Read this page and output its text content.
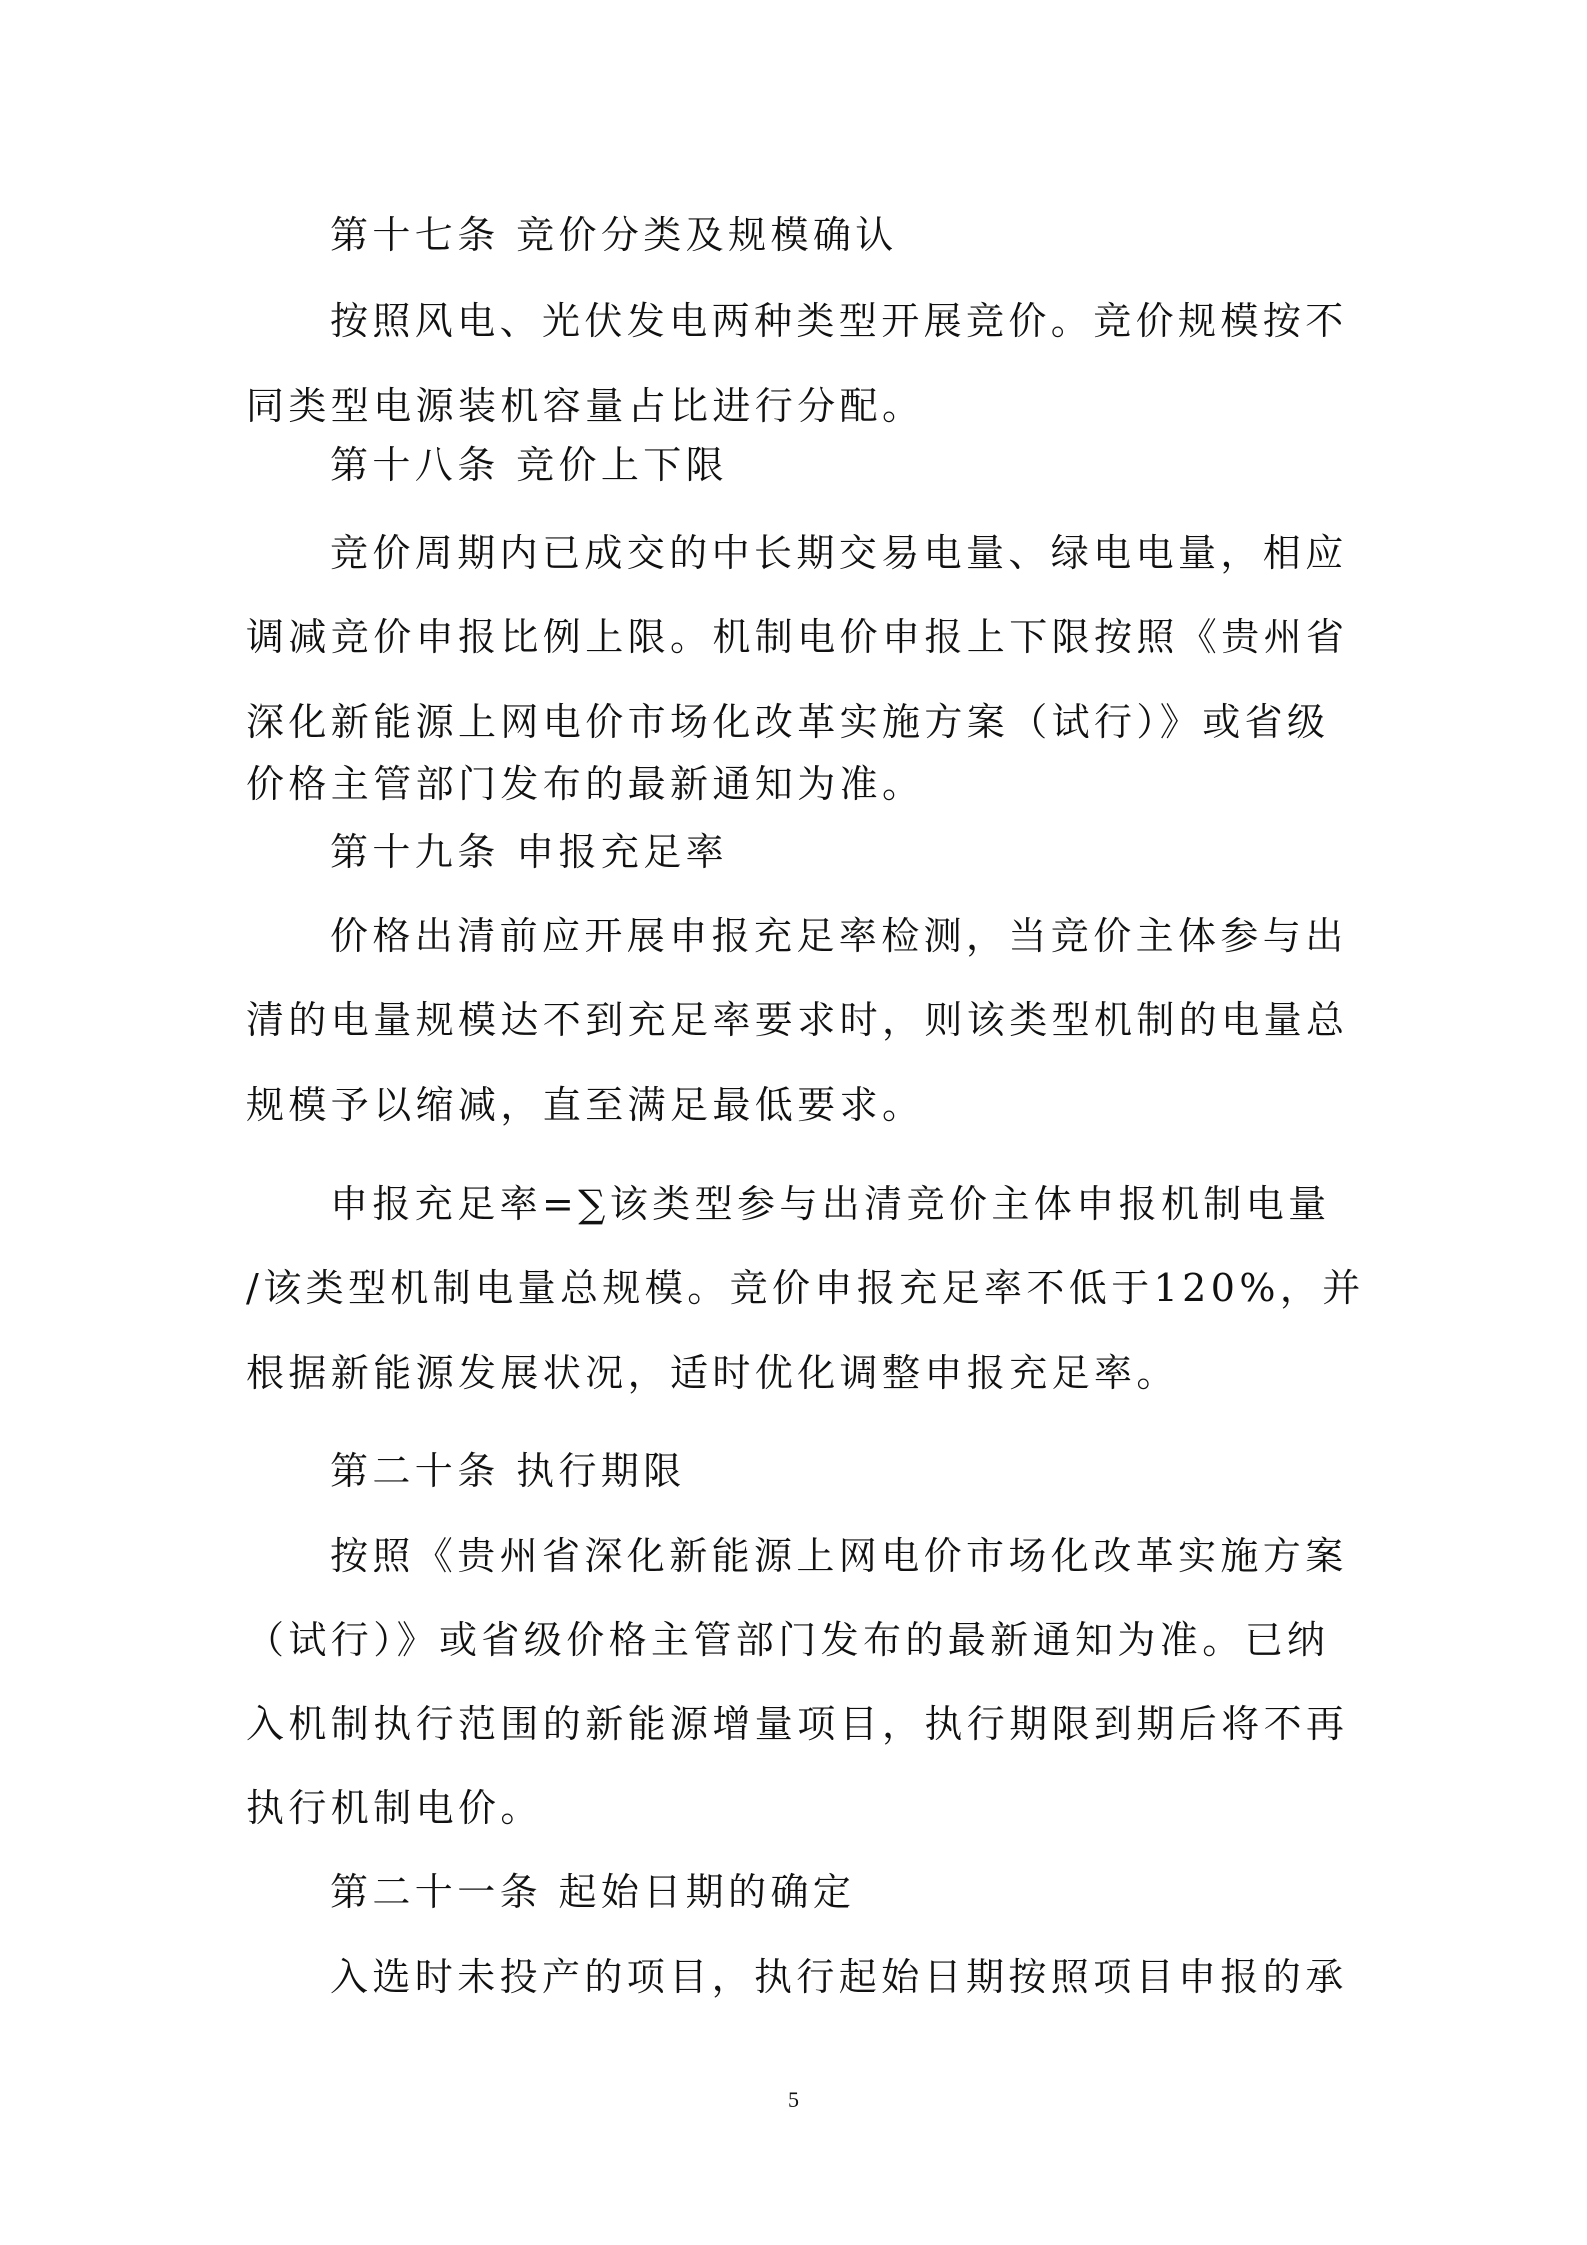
第十七条 竞价分类及规模确认

按照风电、光伏发电两种类型开展竞价。竞价规模按不

同类型电源装机容量占比进行分配。

第十八条 竞价上下限

竞价周期内已成交的中长期交易电量、绿电电量，相应

调减竞价申报比例上限。机制电价申报上下限按照《贵州省

深化新能源上网电价市场化改革实施方案（试行）》或省级

价格主管部门发布的最新通知为准。

第十九条 申报充足率

价格出清前应开展申报充足率检测，当竞价主体参与出

清的电量规模达不到充足率要求时，则该类型机制的电量总

规模予以缩减，直至满足最低要求。

申报充足率=∑该类型参与出清竞价主体申报机制电量

/该类型机制电量总规模。竞价申报充足率不低于120%，并

根据新能源发展状况，适时优化调整申报充足率。

第二十条 执行期限

按照《贵州省深化新能源上网电价市场化改革实施方案

（试行）》或省级价格主管部门发布的最新通知为准。已纳

入机制执行范围的新能源增量项目，执行期限到期后将不再

执行机制电价。

第二十一条 起始日期的确定

入选时未投产的项目，执行起始日期按照项目申报的承

5
